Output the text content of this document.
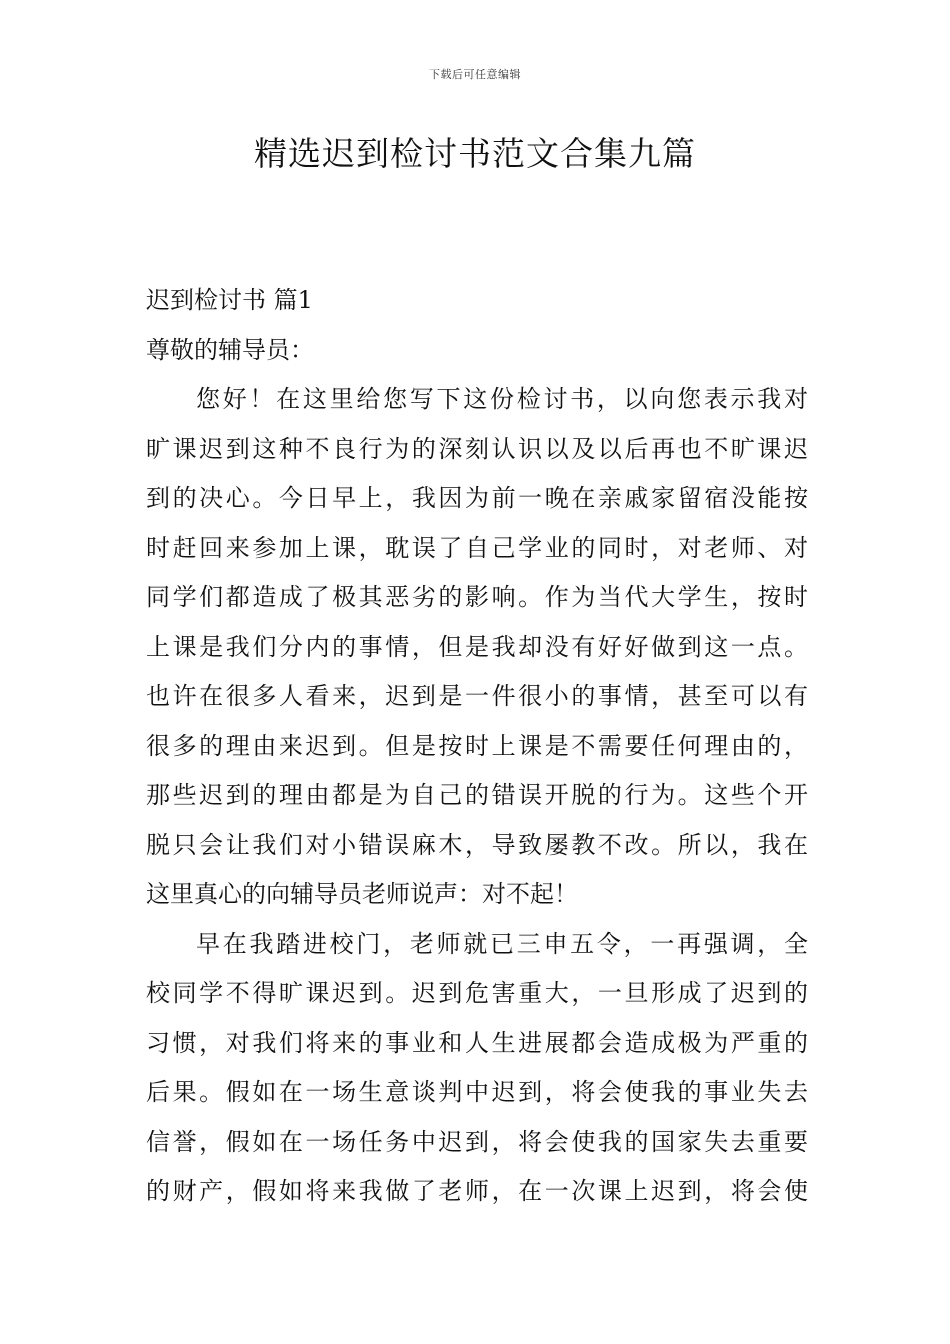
下载后可任意编辑
精选迟到检讨书范文合集九篇

迟到检讨书 篇1

尊敬的辅导员：

您好！在这里给您写下这份检讨书，以向您表示我对

旷课迟到这种不良行为的深刻认识以及以后再也不旷课迟

到的决心。今日早上，我因为前一晚在亲戚家留宿没能按

时赶回来参加上课，耽误了自己学业的同时，对老师、对

同学们都造成了极其恶劣的影响。作为当代大学生，按时

上课是我们分内的事情，但是我却没有好好做到这一点。

也许在很多人看来，迟到是一件很小的事情，甚至可以有

很多的理由来迟到。但是按时上课是不需要任何理由的，

那些迟到的理由都是为自己的错误开脱的行为。这些个开

脱只会让我们对小错误麻木，导致屡教不改。所以，我在

这里真心的向辅导员老师说声：对不起！

早在我踏进校门，老师就已三申五令，一再强调，全

校同学不得旷课迟到。迟到危害重大，一旦形成了迟到的

习惯，对我们将来的事业和人生进展都会造成极为严重的

后果。假如在一场生意谈判中迟到，将会使我的事业失去

信誉，假如在一场任务中迟到，将会使我的国家失去重要

的财产，假如将来我做了老师，在一次课上迟到，将会使
